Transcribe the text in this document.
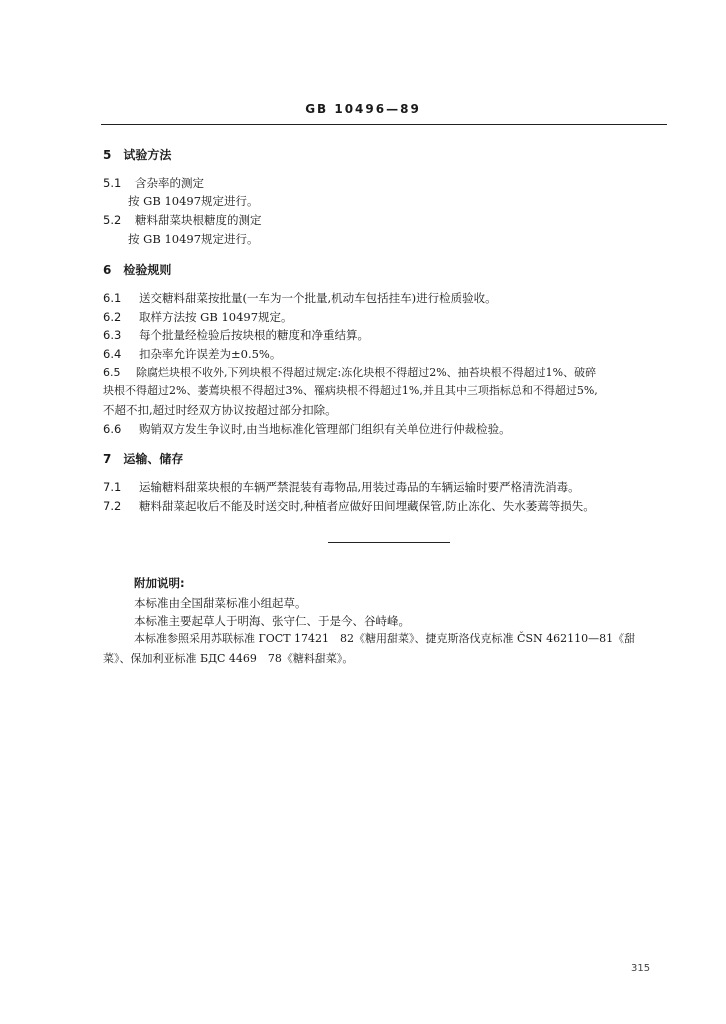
GB 10496—89
5　试验方法
5.1 含杂率的测定
按 GB 10497规定进行。
5.2 糖料甜菜块根糖度的测定
按 GB 10497规定进行。
6　检验规则
6.1 送交糖料甜菜按批量(一车为一个批量,机动车包括挂车)进行检质验收。
6.2 取样方法按 GB 10497规定。
6.3 每个批量经检验后按块根的糖度和净重结算。
6.4 扣杂率允许误差为±0.5%。
6.5 除腐烂块根不收外,下列块根不得超过规定:冻化块根不得超过2%、抽苔块根不得超过1%、破碎
块根不得超过2%、萎蔫块根不得超过3%、罹病块根不得超过1%,并且其中三项指标总和不得超过5%,
不超不扣,超过时经双方协议按超过部分扣除。
6.6 购销双方发生争议时,由当地标准化管理部门组织有关单位进行仲裁检验。
7　运输、储存
7.1 运输糖料甜菜块根的车辆严禁混装有毒物品,用装过毒品的车辆运输时要严格清洗消毒。
7.2 糖料甜菜起收后不能及时送交时,种植者应做好田间埋藏保管,防止冻化、失水萎蔫等损失。
附加说明:
本标准由全国甜菜标准小组起草。
本标准主要起草人于明海、张守仁、于是今、谷峙峰。
本标准参照采用苏联标准 ГОСТ 17421　82《糖用甜菜》、捷克斯洛伐克标准 ČSN 462110—81《甜
菜》、保加利亚标准 БДС 4469　78《糖料甜菜》。
315
